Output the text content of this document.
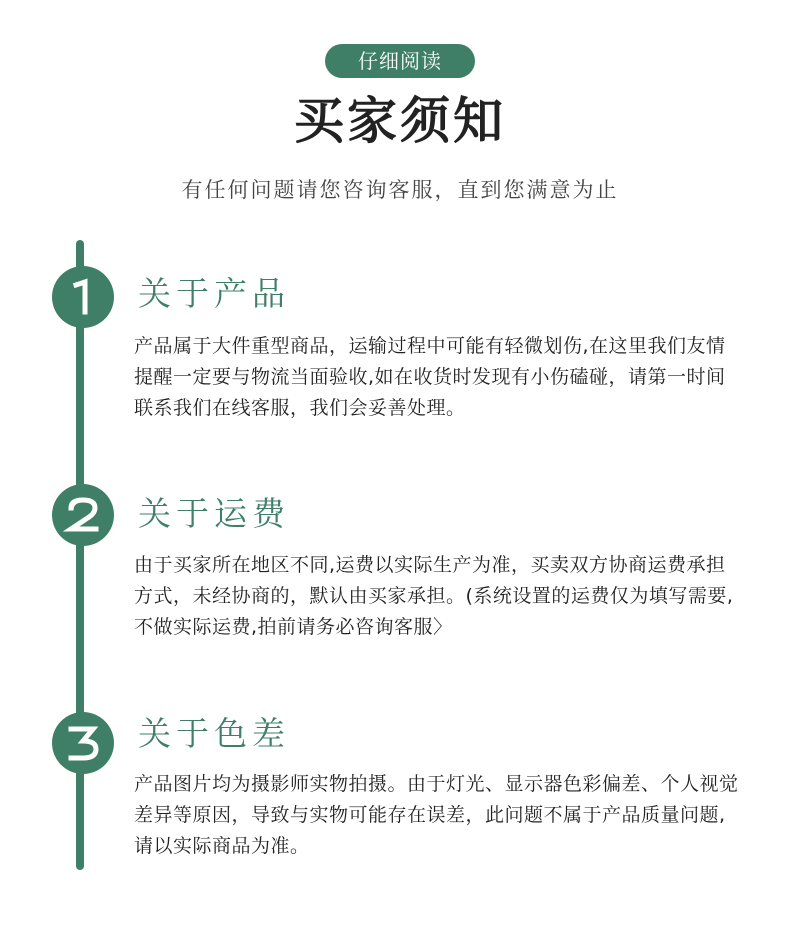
仔细阅读
买家须知
有任何问题请您咨询客服，直到您满意为止
关于产品
产品属于大件重型商品，运输过程中可能有轻微划伤,在这里我们友情提醒一定要与物流当面验收,如在收货时发现有小伤磕碰，请第一时间联系我们在线客服，我们会妥善处理。
关于运费
由于买家所在地区不同,运费以实际生产为准，买卖双方协商运费承担方式，未经协商的，默认由买家承担。(系统设置的运费仅为填写需要,不做实际运费,拍前请务必咨询客服〉
关于色差
产品图片均为摄影师实物拍摄。由于灯光、显示器色彩偏差、个人视觉差异等原因，导致与实物可能存在误差，此问题不属于产品质量问题,请以实际商品为准。
